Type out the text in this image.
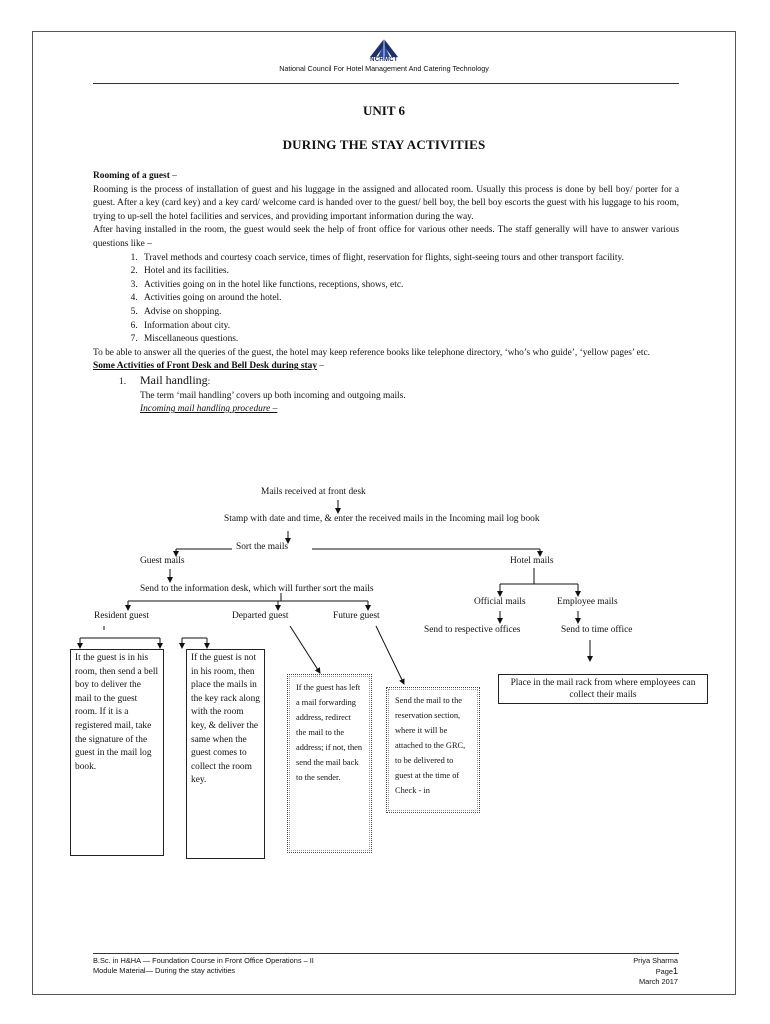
NCHMCT
National Council For Hotel Management And Catering Technology
UNIT 6
DURING THE STAY ACTIVITIES

Rooming of a guest –

Rooming is the process of installation of guest and his luggage in the assigned and allocated room. Usually this process is done by bell boy/ porter for a guest. After a key (card key) and a key card/ welcome card is handed over to the guest/ bell boy, the bell boy escorts the guest with his luggage to his room, trying to up-sell the hotel facilities and services, and providing important information during the way.

After having installed in the room, the guest would seek the help of front office for various other needs. The staff generally will have to answer various questions like –

1. Travel methods and courtesy coach service, times of flight, reservation for flights, sight-seeing tours and other transport facility.
2. Hotel and its facilities.
3. Activities going on in the hotel like functions, receptions, shows, etc.
4. Activities going on around the hotel.
5. Advise on shopping.
6. Information about city.
7. Miscellaneous questions.

To be able to answer all the queries of the guest, the hotel may keep reference books like telephone directory, ‘who’s who guide’, ‘yellow pages’ etc.

Some Activities of Front Desk and Bell Desk during stay –

1. Mail handling:

The term ‘mail handling’ covers up both incoming and outgoing mails.

Incoming mail handling procedure –

Mails received at front desk
Stamp with date and time, & enter the received mails in the Incoming mail log book
Sort the mails
Guest mails	Hotel mails
Send to the information desk, which will further sort the mails
Official mails	Employee mails
Resident guest	Departed guest	Future guest
Send to respective offices	Send to time office
It the guest is in his room, then send a bell boy to deliver the mail to the guest room. If it is a registered mail, take the signature of the guest in the mail log book.
If the guest is not in his room, then place the mails in the key rack along with the room key, & deliver the same when the guest comes to collect the room key.
If the guest has left a mail forwarding address, redirect the mail to the address; if not, then send the mail back to the sender.
Send the mail to the reservation section, where it will be attached to the GRC, to be delivered to guest at the time of Check - in
Place in the mail rack from where employees can collect their mails
B.Sc. in H&HA — Foundation Course in Front Office Operations – II
Module Material— During the stay activities
Priya Sharma
Page1
March 2017
